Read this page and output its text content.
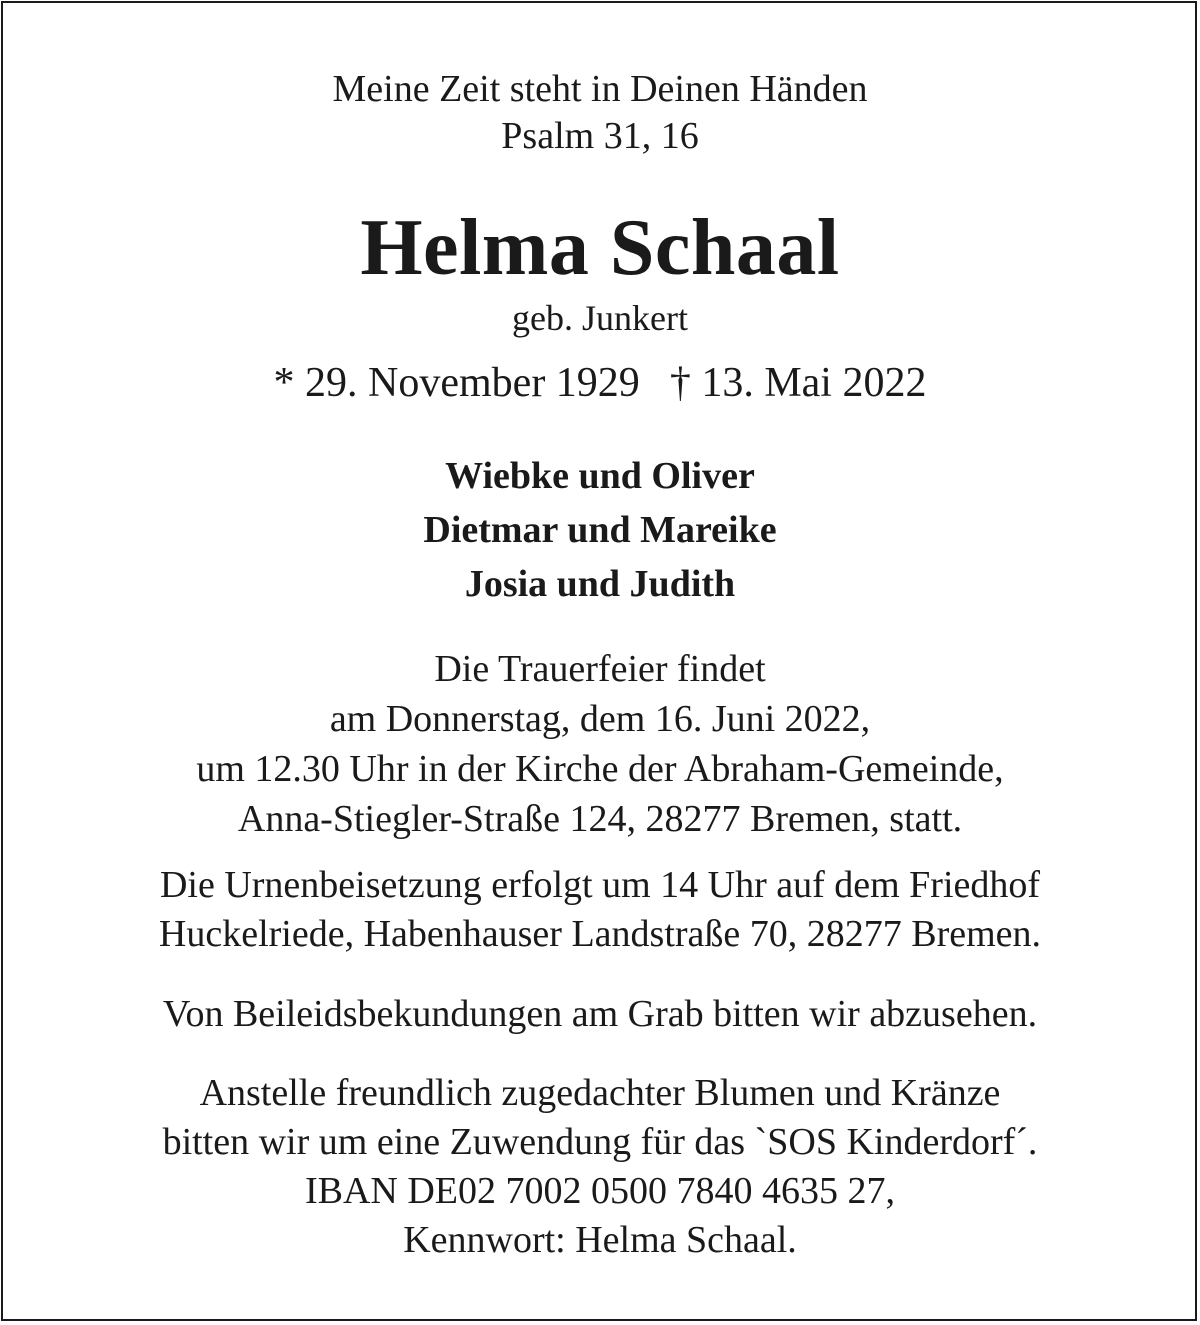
Meine Zeit steht in Deinen Händen
Psalm 31, 16
Helma Schaal
geb. Junkert
* 29. November 1929 † 13. Mai 2022
Wiebke und Oliver
Dietmar und Mareike
Josia und Judith
Die Trauerfeier findet
am Donnerstag, dem 16. Juni 2022,
um 12.30 Uhr in der Kirche der Abraham-Gemeinde,
Anna-Stiegler-Straße 124, 28277 Bremen, statt.
Die Urnenbeisetzung erfolgt um 14 Uhr auf dem Friedhof
Huckelriede, Habenhauser Landstraße 70, 28277 Bremen.
Von Beileidsbekundungen am Grab bitten wir abzusehen.
Anstelle freundlich zugedachter Blumen und Kränze
bitten wir um eine Zuwendung für das `SOS Kinderdorf´.
IBAN DE02 7002 0500 7840 4635 27,
Kennwort: Helma Schaal.
